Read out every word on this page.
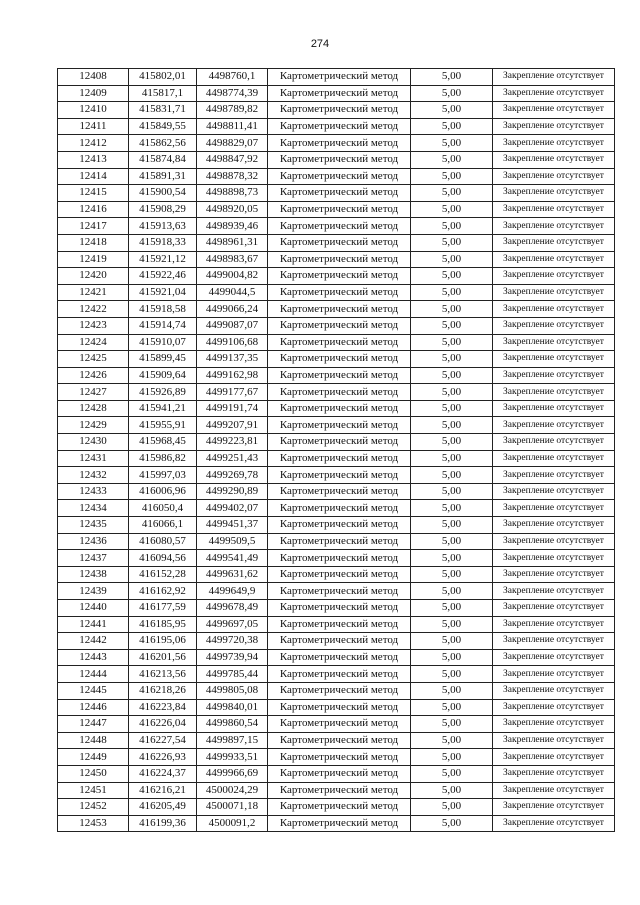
274
12408	415802,01	4498760,1	Картометрический метод	5,00	Закрепление отсутствует
12409	415817,1	4498774,39	Картометрический метод	5,00	Закрепление отсутствует
12410	415831,71	4498789,82	Картометрический метод	5,00	Закрепление отсутствует
12411	415849,55	4498811,41	Картометрический метод	5,00	Закрепление отсутствует
12412	415862,56	4498829,07	Картометрический метод	5,00	Закрепление отсутствует
12413	415874,84	4498847,92	Картометрический метод	5,00	Закрепление отсутствует
12414	415891,31	4498878,32	Картометрический метод	5,00	Закрепление отсутствует
12415	415900,54	4498898,73	Картометрический метод	5,00	Закрепление отсутствует
12416	415908,29	4498920,05	Картометрический метод	5,00	Закрепление отсутствует
12417	415913,63	4498939,46	Картометрический метод	5,00	Закрепление отсутствует
12418	415918,33	4498961,31	Картометрический метод	5,00	Закрепление отсутствует
12419	415921,12	4498983,67	Картометрический метод	5,00	Закрепление отсутствует
12420	415922,46	4499004,82	Картометрический метод	5,00	Закрепление отсутствует
12421	415921,04	4499044,5	Картометрический метод	5,00	Закрепление отсутствует
12422	415918,58	4499066,24	Картометрический метод	5,00	Закрепление отсутствует
12423	415914,74	4499087,07	Картометрический метод	5,00	Закрепление отсутствует
12424	415910,07	4499106,68	Картометрический метод	5,00	Закрепление отсутствует
12425	415899,45	4499137,35	Картометрический метод	5,00	Закрепление отсутствует
12426	415909,64	4499162,98	Картометрический метод	5,00	Закрепление отсутствует
12427	415926,89	4499177,67	Картометрический метод	5,00	Закрепление отсутствует
12428	415941,21	4499191,74	Картометрический метод	5,00	Закрепление отсутствует
12429	415955,91	4499207,91	Картометрический метод	5,00	Закрепление отсутствует
12430	415968,45	4499223,81	Картометрический метод	5,00	Закрепление отсутствует
12431	415986,82	4499251,43	Картометрический метод	5,00	Закрепление отсутствует
12432	415997,03	4499269,78	Картометрический метод	5,00	Закрепление отсутствует
12433	416006,96	4499290,89	Картометрический метод	5,00	Закрепление отсутствует
12434	416050,4	4499402,07	Картометрический метод	5,00	Закрепление отсутствует
12435	416066,1	4499451,37	Картометрический метод	5,00	Закрепление отсутствует
12436	416080,57	4499509,5	Картометрический метод	5,00	Закрепление отсутствует
12437	416094,56	4499541,49	Картометрический метод	5,00	Закрепление отсутствует
12438	416152,28	4499631,62	Картометрический метод	5,00	Закрепление отсутствует
12439	416162,92	4499649,9	Картометрический метод	5,00	Закрепление отсутствует
12440	416177,59	4499678,49	Картометрический метод	5,00	Закрепление отсутствует
12441	416185,95	4499697,05	Картометрический метод	5,00	Закрепление отсутствует
12442	416195,06	4499720,38	Картометрический метод	5,00	Закрепление отсутствует
12443	416201,56	4499739,94	Картометрический метод	5,00	Закрепление отсутствует
12444	416213,56	4499785,44	Картометрический метод	5,00	Закрепление отсутствует
12445	416218,26	4499805,08	Картометрический метод	5,00	Закрепление отсутствует
12446	416223,84	4499840,01	Картометрический метод	5,00	Закрепление отсутствует
12447	416226,04	4499860,54	Картометрический метод	5,00	Закрепление отсутствует
12448	416227,54	4499897,15	Картометрический метод	5,00	Закрепление отсутствует
12449	416226,93	4499933,51	Картометрический метод	5,00	Закрепление отсутствует
12450	416224,37	4499966,69	Картометрический метод	5,00	Закрепление отсутствует
12451	416216,21	4500024,29	Картометрический метод	5,00	Закрепление отсутствует
12452	416205,49	4500071,18	Картометрический метод	5,00	Закрепление отсутствует
12453	416199,36	4500091,2	Картометрический метод	5,00	Закрепление отсутствует
